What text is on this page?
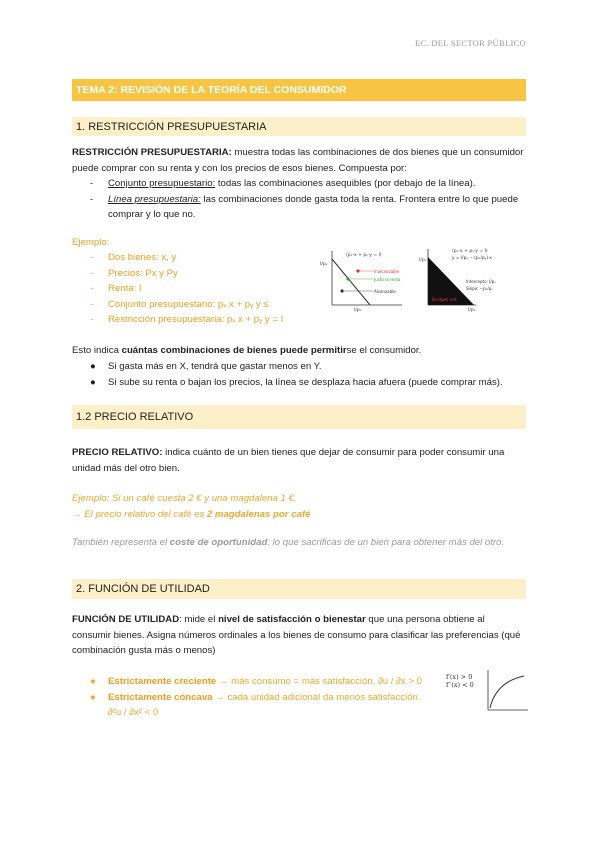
EC. DEL SECTOR PÚBLICO
TEMA 2: REVISIÓN DE LA TEORÍA DEL CONSUMIDOR
1. RESTRICCIÓN PRESUPUESTARIA
RESTRICCIÓN PRESUPUESTARIA: muestra todas las combinaciones de dos bienes que un consumidor puede comprar con su renta y con los precios de esos bienes. Compuesta por:
- Conjunto presupuestario: todas las combinaciones asequibles (por debajo de la línea).
- Línea presupuestaria: las combinaciones donde gasta toda la renta. Frontera entre lo que puede comprar y lo que no.
Ejemplo:
- Dos bienes: x, y
- Precios: Px y Py
- Renta: I
- Conjunto presupuestario: pₓ x + pᵧ y ≤
- Restricción presupuestaria: pₓ x + pᵧ y = I
I/pᵧ
I/pₓ
(pₓ·x + pᵧ·y = I)
Inalcanzable
Justo la renta
Alcanzable
I/pᵧ
I/pₓ
(pₓ·x + pᵧ·y = I)
y = I/pᵧ − (pₓ/pᵧ)·x
Intercepto: I/pᵧ
Slope: −pₓ/pᵧ
Budget set
Esto indica cuántas combinaciones de bienes puede permitirse el consumidor.
● Si gasta más en X, tendrá que gastar menos en Y.
● Si sube su renta o bajan los precios, la línea se desplaza hacia afuera (puede comprar más).
1.2 PRECIO RELATIVO
PRECIO RELATIVO: indica cuánto de un bien tienes que dejar de consumir para poder consumir una unidad más del otro bien.
Ejemplo: Si un café cuesta 2 € y una magdalena 1 €,
→ El precio relativo del café es 2 magdalenas por café
También representa el coste de oportunidad: lo que sacrificas de un bien para obtener más del otro.
2. FUNCIÓN DE UTILIDAD
FUNCIÓN DE UTILIDAD: mide el nivel de satisfacción o bienestar que una persona obtiene al consumir bienes. Asigna números ordinales a los bienes de consumo para clasificar las preferencias (qué combinación gusta más o menos)
● Estrictamente creciente → más consumo = más satisfacción. ∂u / ∂x > 0
● Estrictamente cóncava → cada unidad adicional da menos satisfacción.
∂²u / ∂x² < 0
f′(x) > 0
f′′(x) < 0
